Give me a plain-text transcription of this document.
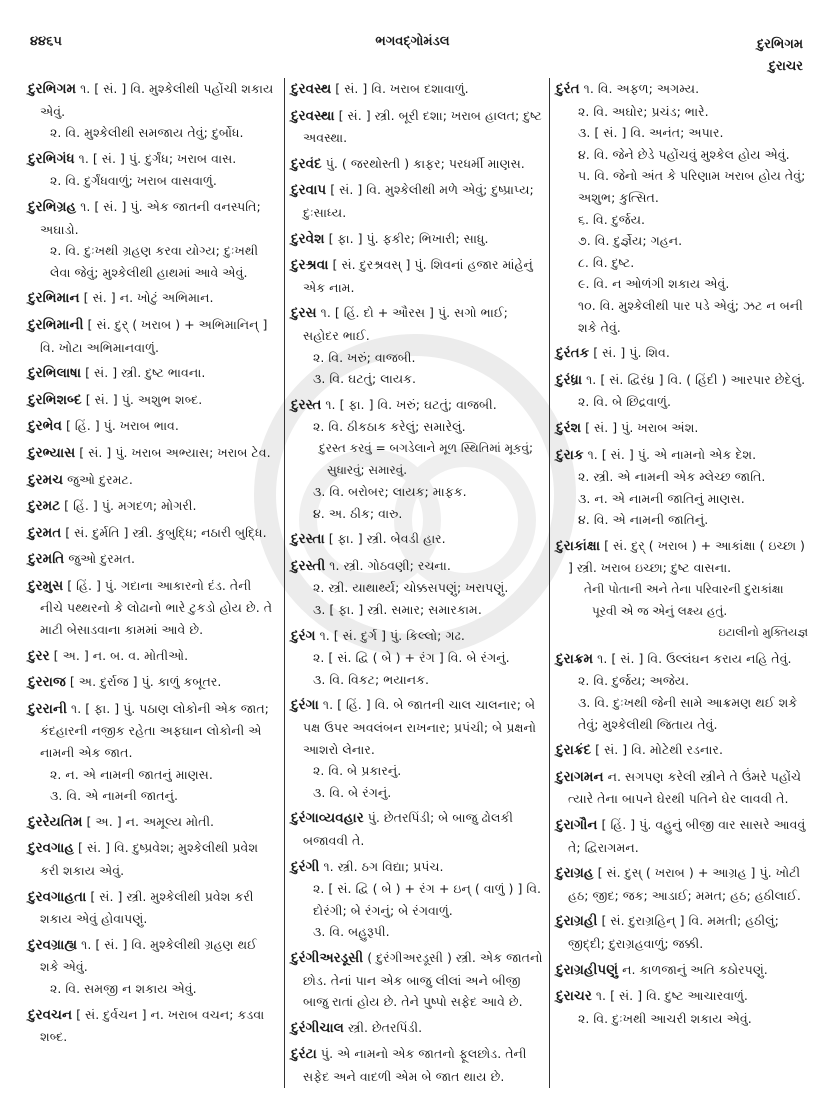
૪૪૬૫	ભગવદ્ગોમંડલ	દુરભિગમ
દુરાચર
દુરભિગમ ૧. [ સં. ] વિ. મુશ્કેલીથી પહોંચી શકાય એવું.
૨. વિ. મુશ્કેલીથી સમજાય તેવું; દુર્બોધ.
દુરભિગંધ ૧. [ સં. ] પું. દુર્ગંધ; ખરાબ વાસ.
૨. વિ. દુર્ગંધવાળું; ખરાબ વાસવાળું.
દુરભિગ્રહ ૧. [ સં. ] પું. એક જાતની વનસ્પતિ; અઘાડો.
૨. વિ. દુઃખથી ગ્રહણ કરવા યોગ્ય; દુઃખથી લેવા જેવું; મુશ્કેલીથી હાથમાં આવે એવું.
દુરભિમાન [ સં. ] ન. ખોટું અભિમાન.
દુરભિમાની [ સં. દુર્ ( ખરાબ ) + અભિમાનિન્ ] વિ. ખોટા અભિમાનવાળું.
દુરભિલાષા [ સં. ] સ્ત્રી. દુષ્ટ ભાવના.
દુરભિશબ્દ [ સં. ] પું. અશુભ શબ્દ.
દુરભેવ [ હિં. ] પું. ખરાબ ભાવ.
દુરભ્યાસ [ સં. ] પું. ખરાબ અભ્યાસ; ખરાબ ટેવ.
દુરમચ જુઓ દુરમટ.
દુરમટ [ હિં. ] પું. મગદળ; મોગરી.
દુરમત [ સં. દુર્મતિ ] સ્ત્રી. કુબુદ્ધિ; નઠારી બુદ્ધિ.
દુરમતિ જુઓ દુરમત.
દુરમુસ [ હિં. ] પું. ગદાના આકારનો દંડ. તેની નીચે પથ્થરનો કે લોઢાનો ભારે ટુકડો હોય છે. તે માટી બેસાડવાના કામમાં આવે છે.
દુરર [ અ. ] ન. બ. વ. મોતીઓ.
દુરરાજ [ અ. દુર્રાજ ] પું. કાળું કબૂતર.
દુરરાની ૧. [ ફા. ] પું. પઠાણ લોકોની એક જાત; કંદહારની નજીક રહેતા અફઘાન લોકોની એ નામની એક જાત.
૨. ન. એ નામની જાતનું માણસ.
૩. વિ. એ નામની જાતનું.
દુરરેયતિમ [ અ. ] ન. અમૂલ્ય મોતી.
દુરવગાહ [ સં. ] વિ. દુષ્પ્રવેશ; મુશ્કેલીથી પ્રવેશ કરી શકાય એવું.
દુરવગાહતા [ સં. ] સ્ત્રી. મુશ્કેલીથી પ્રવેશ કરી શકાય એવું હોવાપણું.
દુરવગ્રાહ્ય ૧. [ સં. ] વિ. મુશ્કેલીથી ગ્રહણ થઈ શકે એવું.
૨. વિ. સમજી ન શકાય એવું.
દુરવચન [ સં. દુર્વચન ] ન. ખરાબ વચન; કડવા શબ્દ.
દુરવસ્થ [ સં. ] વિ. ખરાબ દશાવાળું.
દુરવસ્થા [ સં. ] સ્ત્રી. બૂરી દશા; ખરાબ હાલત; દુષ્ટ અવસ્થા.
દુરવંદ પું. ( જરથોસ્તી ) કાફર; પરધર્મી માણસ.
દુરવાપ [ સં. ] વિ. મુશ્કેલીથી મળે એવું; દુષ્પ્રાપ્ય; દુઃસાધ્ય.
દુરવેશ [ ફા. ] પું. ફકીર; ભિખારી; સાધુ.
દુરશ્રવા [ સં. દુરશ્રવસ્ ] પું. શિવનાં હજાર માંહેનું એક નામ.
દુરસ ૧. [ હિં. દો + ઔરસ ] પું. સગો ભાઈ; સહોદર ભાઈ.
૨. વિ. ખરું; વાજબી.
૩. વિ. ઘટતું; લાયક.
દુરસ્ત ૧. [ ફા. ] વિ. ખરું; ઘટતું; વાજબી.
૨. વિ. ઠીકઠાક કરેલું; સમારેલું.
દુરસ્ત કરવું = બગડેલાને મૂળ સ્થિતિમાં મૂકવું; સુધારવું; સમારવું.
૩. વિ. બરોબર; લાયક; માફક.
૪. અ. ઠીક; વારુ.
દુરસ્તા [ ફા. ] સ્ત્રી. બેવડી હાર.
દુરસ્તી ૧. સ્ત્રી. ગોઠવણી; રચના.
૨. સ્ત્રી. યાથાર્થ્ય; ચોક્કસપણું; ખરાપણું.
૩. [ ફા. ] સ્ત્રી. સમાર; સમારકામ.
દુરંગ ૧. [ સં. દુર્ગ ] પું. કિલ્લો; ગઢ.
૨. [ સં. દ્વિ ( બે ) + રંગ ] વિ. બે રંગનું.
૩. વિ. વિકટ; ભયાનક.
દુરંગા ૧. [ હિં. ] વિ. બે જાતની ચાલ ચાલનાર; બે પક્ષ ઉપર અવલંબન રાખનાર; પ્રપંચી; બે પ્રક્ષનો આશરો લેનાર.
૨. વિ. બે પ્રકારનું.
૩. વિ. બે રંગનું.
દુરંગાવ્યવહાર પું. છેતરપિંડી; બે બાજુ ઢોલકી બજાવવી તે.
દુરંગી ૧. સ્ત્રી. ઠગ વિદ્યા; પ્રપંચ.
૨. [ સં. દ્વિ ( બે ) + રંગ + ઇન્ ( વાળું ) ] વિ. દોરંગી; બે રંગનું; બે રંગવાળું.
૩. વિ. બહુરૂપી.
દુરંગીઅરડૂસી ( દુરંગીઅરડૂસી ) સ્ત્રી. એક જાતનો છોડ. તેનાં પાન એક બાજુ લીલાં અને બીજી બાજુ રાતાં હોય છે. તેને પુષ્પો સફેદ આવે છે.
દુરંગીચાલ સ્ત્રી. છેતરપિંડી.
દુરંટા પું. એ નામનો એક જાતનો ફૂલછોડ. તેની સફેદ અને વાદળી એમ બે જાત થાય છે.
દુરંત ૧. વિ. અફળ; અગમ્ય.
૨. વિ. અઘોર; પ્રચંડ; ભારે.
૩. [ સં. ] વિ. અનંત; અપાર.
૪. વિ. જેને છેડે પહોંચવું મુશ્કેલ હોય એવું.
૫. વિ. જેનો અંત કે પરિણામ ખરાબ હોય તેવું; અશુભ; કુત્સિત.
૬. વિ. દુર્જય.
૭. વિ. દુર્જ્ઞેય; ગહન.
૮. વિ. દુષ્ટ.
૯. વિ. ન ઓળંગી શકાય એવું.
૧૦. વિ. મુશ્કેલીથી પાર પડે એવું; ઝટ ન બની શકે તેવું.
દુરંતક [ સં. ] પું. શિવ.
દુરંધ્રા ૧. [ સં. દ્વિરંધ્ર ] વિ. ( હિંદી ) આરપાર છેદેલું.
૨. વિ. બે છિદ્રવાળું.
દુરંશ [ સં. ] પું. ખરાબ અંશ.
દુરાક ૧. [ સં. ] પું. એ નામનો એક દેશ.
૨. સ્ત્રી. એ નામની એક મ્લેચ્છ જાતિ.
૩. ન. એ નામની જાતિનું માણસ.
૪. વિ. એ નામની જાતિનું.
દુરાકાંક્ષા [ સં. દુર્ ( ખરાબ ) + આકાંક્ષા ( ઇચ્છા ) ] સ્ત્રી. ખરાબ ઇચ્છા; દુષ્ટ વાસના.
તેની પોતાની અને તેના પરિવારની દુરાકાંક્ષા પૂરવી એ જ એનું લક્ષ્ય હતું.
ઇટાલીનો મુક્તિયજ્ઞ
દુરાક્રમ ૧. [ સં. ] વિ. ઉલ્લંઘન કરાય નહિ તેવું.
૨. વિ. દુર્જય; અજેય.
૩. વિ. દુઃખથી જેની સામે આક્રમણ થઈ શકે તેવું; મુશ્કેલીથી જિતાય તેવું.
દુરાક્રંદ [ સં. ] વિ. મોટેથી રડનાર.
દુરાગમન ન. સગપણ કરેલી સ્ત્રીને તે ઉંમરે પહોંચે ત્યારે તેના બાપને ઘેરથી પતિને ઘેર લાવવી તે.
દુરાગૌન [ હિં. ] પું. વહુનું બીજી વાર સાસરે આવવું તે; દ્વિરાગમન.
દુરાગ્રહ [ સં. દુસ્ ( ખરાબ ) + આગ્રહ ] પું. ખોટી હઠ; જીદ; જક; આડાઈ; મમત; હઠ; હઠીલાઈ.
દુરાગ્રહી [ સં. દુરાગ્રહિન્ ] વિ. મમતી; હઠીલું; જીદ્દી; દુરાગ્રહવાળું; જક્કી.
દુરાગ્રહીપણું ન. કાળજાનું અતિ કઠોરપણું.
દુરાચર ૧. [ સં. ] વિ. દુષ્ટ આચારવાળું.
૨. વિ. દુઃખથી આચરી શકાય એવું.
